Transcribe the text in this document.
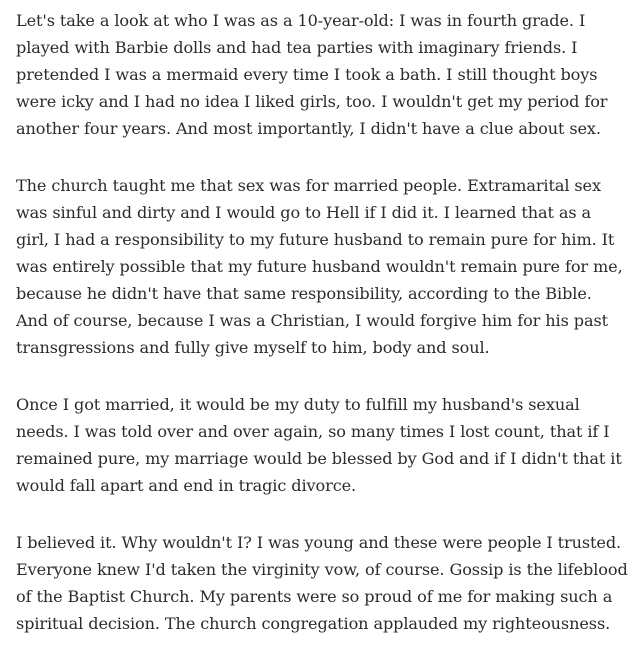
Let's take a look at who I was as a 10-year-old: I was in fourth grade. I played with Barbie dolls and had tea parties with imaginary friends. I pretended I was a mermaid every time I took a bath. I still thought boys were icky and I had no idea I liked girls, too. I wouldn't get my period for another four years. And most importantly, I didn't have a clue about sex.

The church taught me that sex was for married people. Extramarital sex was sinful and dirty and I would go to Hell if I did it. I learned that as a girl, I had a responsibility to my future husband to remain pure for him. It was entirely possible that my future husband wouldn't remain pure for me, because he didn't have that same responsibility, according to the Bible. And of course, because I was a Christian, I would forgive him for his past transgressions and fully give myself to him, body and soul.

Once I got married, it would be my duty to fulfill my husband's sexual needs. I was told over and over again, so many times I lost count, that if I remained pure, my marriage would be blessed by God and if I didn't that it would fall apart and end in tragic divorce.

I believed it. Why wouldn't I? I was young and these were people I trusted. Everyone knew I'd taken the virginity vow, of course. Gossip is the lifeblood of the Baptist Church. My parents were so proud of me for making such a spiritual decision. The church congregation applauded my righteousness.
